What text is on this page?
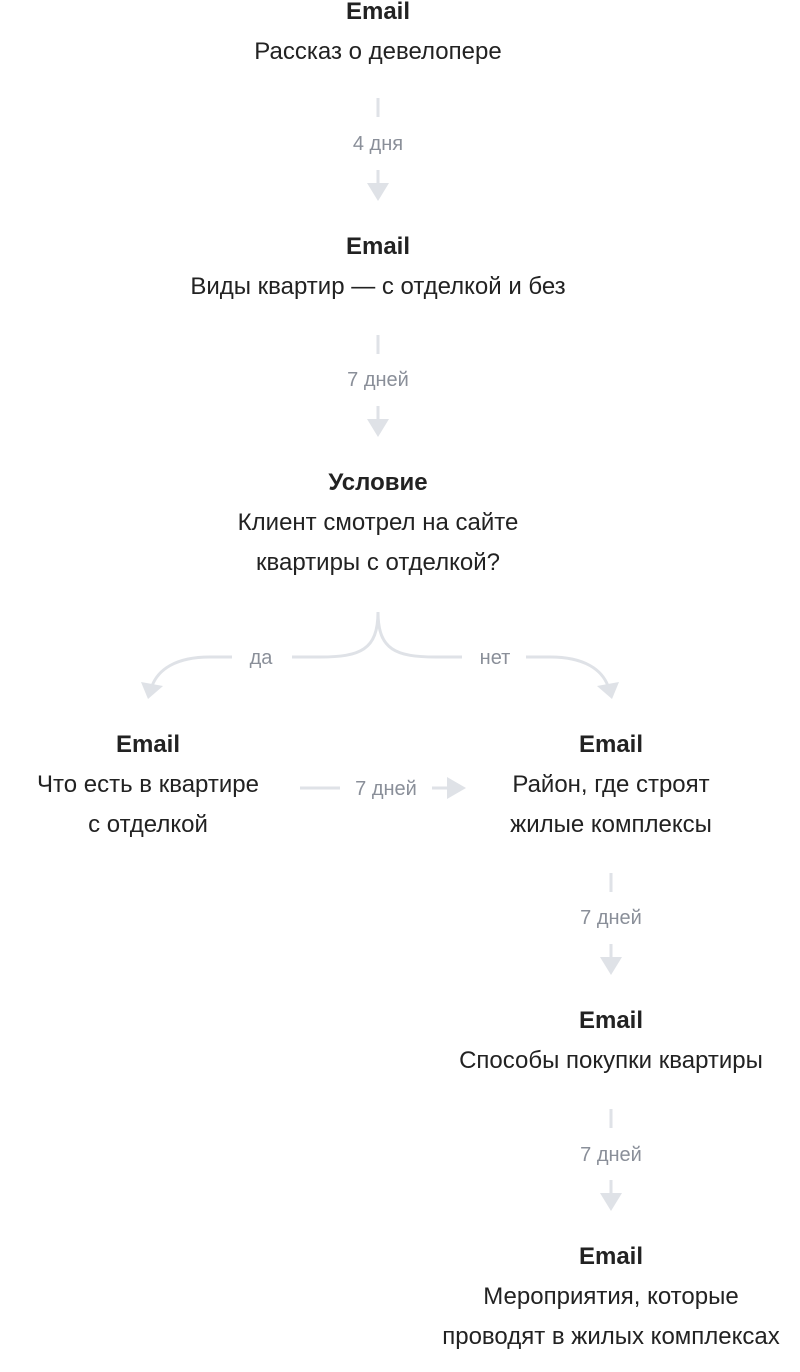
Email
Рассказ о девелопере
4 дня
Email
Виды квартир — с отделкой и без
7 дней
Условие
Клиент смотрел на сайте
квартиры с отделкой?
да	нет
Email
Что есть в квартире
с отделкой
7 дней
Email
Район, где строят
жилые комплексы
7 дней
Email
Способы покупки квартиры
7 дней
Email
Мероприятия, которые
проводят в жилых комплексах
